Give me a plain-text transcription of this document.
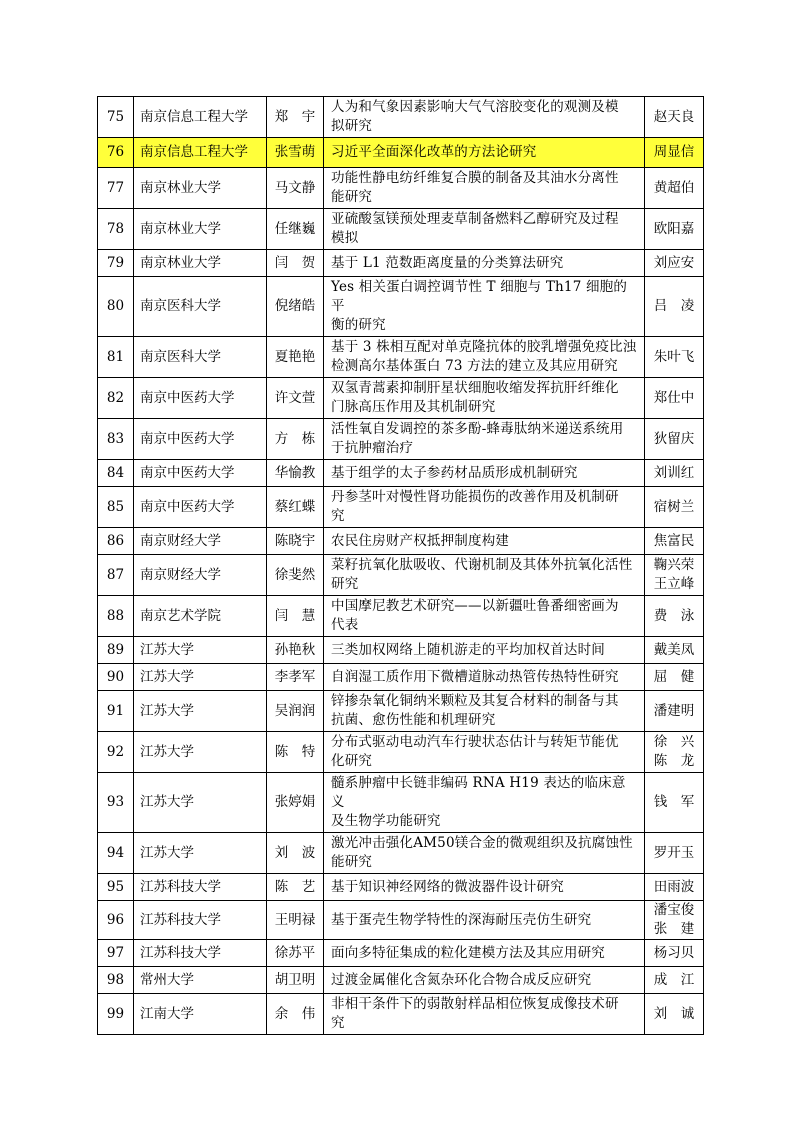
75	南京信息工程大学	郑　宇	人为和气象因素影响大气气溶胶变化的观测及模
拟研究	赵天良

76	南京信息工程大学	张雪萌	习近平全面深化改革的方法论研究	周显信

77	南京林业大学	马文静	功能性静电纺纤维复合膜的制备及其油水分离性
能研究	黄超伯

78	南京林业大学	任继巍	亚硫酸氢镁预处理麦草制备燃料乙醇研究及过程
模拟	欧阳嘉

79	南京林业大学	闫　贺	基于 L1 范数距离度量的分类算法研究	刘应安

80	南京医科大学	倪绪皓	Yes 相关蛋白调控调节性 T 细胞与 Th17 细胞的平
衡的研究	吕　凌

81	南京医科大学	夏艳艳	基于 3 株相互配对单克隆抗体的胶乳增强免疫比浊
检测高尔基体蛋白 73 方法的建立及其应用研究	朱叶飞

82	南京中医药大学	许文萱	双氢青蒿素抑制肝星状细胞收缩发挥抗肝纤维化
门脉高压作用及其机制研究	郑仕中

83	南京中医药大学	方　栋	活性氧自发调控的茶多酚-蜂毒肽纳米递送系统用
于抗肿瘤治疗	狄留庆

84	南京中医药大学	华愉教	基于组学的太子参药材品质形成机制研究	刘训红

85	南京中医药大学	蔡红蝶	丹参茎叶对慢性肾功能损伤的改善作用及机制研
究	宿树兰

86	南京财经大学	陈晓宇	农民住房财产权抵押制度构建	焦富民

87	南京财经大学	徐斐然	菜籽抗氧化肽吸收、代谢机制及其体外抗氧化活性
研究	鞠兴荣
王立峰

88	南京艺术学院	闫　慧	中国摩尼教艺术研究——以新疆吐鲁番细密画为
代表	费　泳

89	江苏大学	孙艳秋	三类加权网络上随机游走的平均加权首达时间	戴美凤

90	江苏大学	李孝军	自润湿工质作用下微槽道脉动热管传热特性研究	屈　健

91	江苏大学	吴润润	锌掺杂氧化铜纳米颗粒及其复合材料的制备与其
抗菌、愈伤性能和机理研究	潘建明

92	江苏大学	陈　特	分布式驱动电动汽车行驶状态估计与转矩节能优
化研究	徐　兴
陈　龙

93	江苏大学	张婷娟	髓系肿瘤中长链非编码 RNA H19 表达的临床意义
及生物学功能研究	钱　军

94	江苏大学	刘　波	激光冲击强化AM50镁合金的微观组织及抗腐蚀性
能研究	罗开玉

95	江苏科技大学	陈　艺	基于知识神经网络的微波器件设计研究	田雨波

96	江苏科技大学	王明禄	基于蛋壳生物学特性的深海耐压壳仿生研究	潘宝俊
张　建

97	江苏科技大学	徐苏平	面向多特征集成的粒化建模方法及其应用研究	杨习贝

98	常州大学	胡卫明	过渡金属催化含氮杂环化合物合成反应研究	成　江

99	江南大学	余　伟	非相干条件下的弱散射样品相位恢复成像技术研
究	刘　诚
